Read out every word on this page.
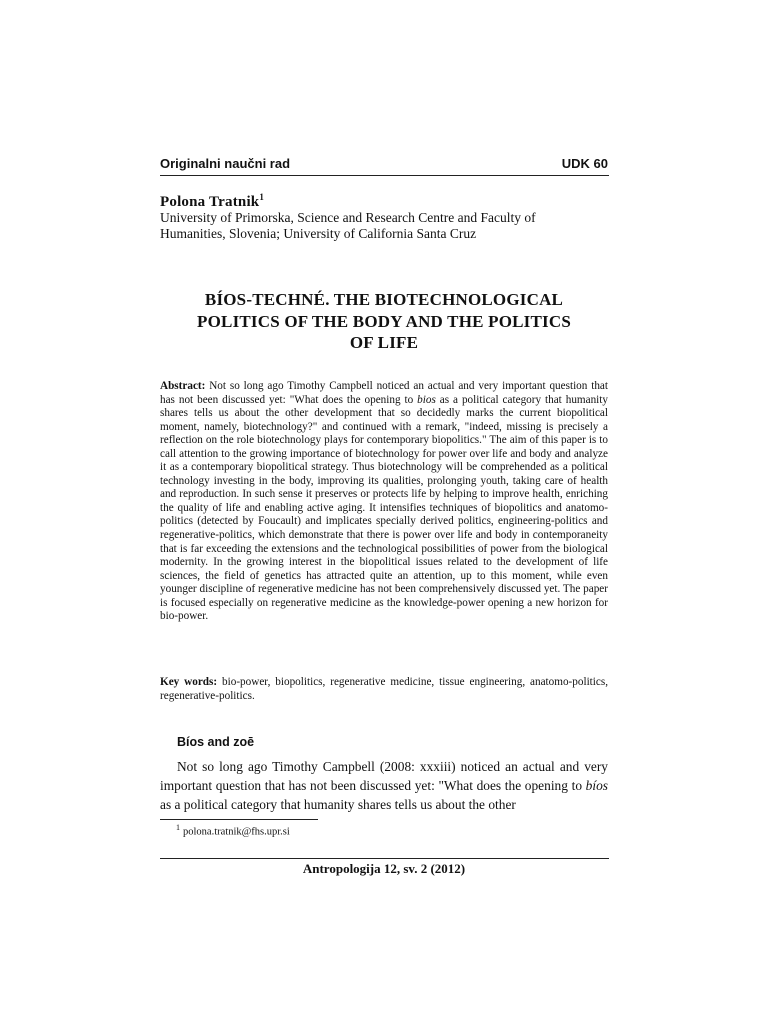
Originalni naučni rad	UDK 60
Polona Tratnik$^1$
University of Primorska, Science and Research Centre and Faculty of Humanities, Slovenia; University of California Santa Cruz
BÍOS-TECHNÉ. THE BIOTECHNOLOGICAL
POLITICS OF THE BODY AND THE POLITICS
OF LIFE
Abstract: Not so long ago Timothy Campbell noticed an actual and very important question that has not been discussed yet: "What does the opening to bios as a political category that humanity shares tells us about the other development that so decidedly marks the current biopolitical moment, namely, biotechnology?" and continued with a remark, "indeed, missing is precisely a reflection on the role biotechnology plays for contemporary biopolitics." The aim of this paper is to call attention to the growing importance of biotechnology for power over life and body and analyze it as a contemporary biopolitical strategy. Thus biotechnology will be comprehended as a political technology investing in the body, improving its qualities, prolonging youth, taking care of health and reproduction. In such sense it preserves or protects life by helping to improve health, enriching the quality of life and enabling active aging. It intensifies techniques of biopolitics and anatomo-politics (detected by Foucault) and implicates specially derived politics, engineering-politics and regenerative-politics, which demonstrate that there is power over life and body in contemporaneity that is far exceeding the extensions and the technological possibilities of power from the biological modernity. In the growing interest in the biopolitical issues related to the development of life sciences, the field of genetics has attracted quite an attention, up to this moment, while even younger discipline of regenerative medicine has not been comprehensively discussed yet. The paper is focused especially on regenerative medicine as the knowledge-power opening a new horizon for bio-power.
Key words: bio-power, biopolitics, regenerative medicine, tissue engineering, anatomo-politics, regenerative-politics.
Bíos and zoē
Not so long ago Timothy Campbell (2008: xxxiii) noticed an actual and very important question that has not been discussed yet: "What does the opening to bíos as a political category that humanity shares tells us about the other
$^1$ polona.tratnik@fhs.upr.si
Antropologija 12, sv. 2 (2012)
